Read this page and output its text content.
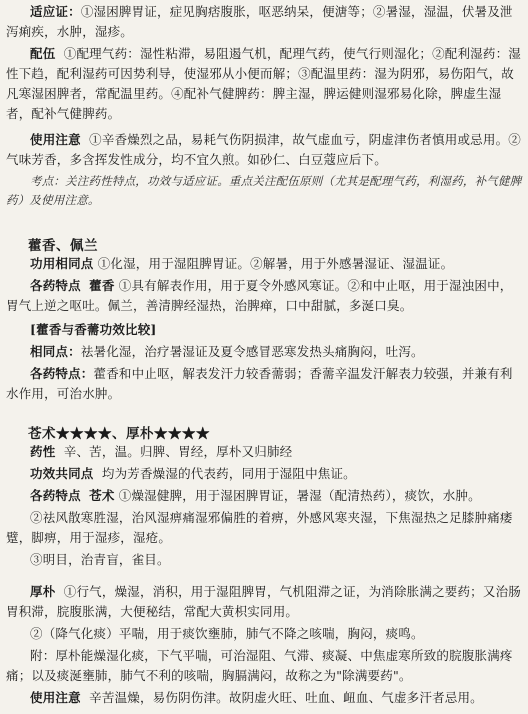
适应证：①湿困脾胃证，症见胸痞腹胀，呕恶纳呆，便溏等；②暑湿，湿温，伏暑及泄泻痢疾，水肿，湿疹。
配伍 ①配理气药：湿性粘滞，易阻遏气机，配理气药，使气行则湿化；②配利湿药：湿性下趋，配利湿药可因势利导，使湿邪从小便而解；③配温里药：湿为阴邪，易伤阳气，故凡寒湿困脾者，常配温里药。④配补气健脾药：脾主湿，脾运健则湿邪易化除，脾虚生湿者，配补气健脾药。
使用注意 ①辛香燥烈之品，易耗气伤阴损津，故气虚血亏，阴虚津伤者慎用或忌用。②气味芳香，多含挥发性成分，均不宜久煎。如砂仁、白豆蔻应后下。
考点：关注药性特点，功效与适应证。重点关注配伍原则（尤其是配理气药，利湿药，补气健脾药）及使用注意。
藿香、佩兰
功用相同点 ①化湿，用于湿阻脾胃证。②解暑，用于外感暑湿证、湿温证。
各药特点 藿香 ①具有解表作用，用于夏令外感风寒证。②和中止呕，用于湿浊困中，胃气上逆之呕吐。佩兰，善清脾经湿热，治脾瘅，口中甜腻，多涎口臭。
[藿香与香薷功效比较]
相同点：祛暑化湿，治疗暑湿证及夏令感冒恶寒发热头痛胸闷，吐泻。
各药特点：藿香和中止呕，解表发汗力较香薷弱；香薷辛温发汗解表力较强，并兼有利水作用，可治水肿。
苍术★★★★、厚朴★★★★
药性 辛、苦，温。归脾、胃经，厚朴又归肺经
功效共同点 均为芳香燥湿的代表药，同用于湿阻中焦证。
各药特点 苍术 ①燥湿健脾，用于湿困脾胃证，暑湿（配清热药），痰饮，水肿。
②祛风散寒胜湿，治风湿痹痛湿邪偏胜的着痹，外感风寒夹湿，下焦湿热之足膝肿痛痿躄，脚痹，用于湿疹，湿疮。
③明目，治青盲，雀目。
厚朴 ①行气，燥湿，消积，用于湿阻脾胃，气机阻滞之证，为消除胀满之要药；又治肠胃积滞，脘腹胀满，大便秘结，常配大黄枳实同用。
②（降气化痰）平喘，用于痰饮壅肺，肺气不降之咳喘，胸闷，痰鸣。
附：厚朴能燥湿化痰，下气平喘，可治湿阻、气滞、痰凝、中焦虚寒所致的脘腹胀满疼痛；以及痰涎壅肺，肺气不利的咳喘，胸膈满闷，故称之为"除满要药"。
使用注意 辛苦温燥，易伤阴伤津。故阴虚火旺、吐血、衄血、气虚多汗者忌用。
